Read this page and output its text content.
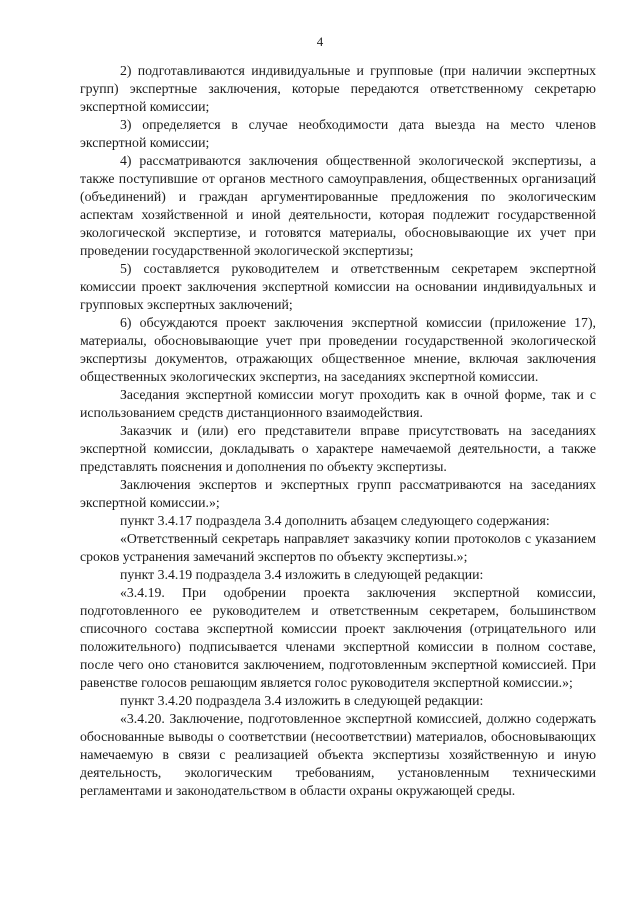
4

2) подготавливаются индивидуальные и групповые (при наличии экспертных групп) экспертные заключения, которые передаются ответственному секретарю экспертной комиссии;

3) определяется в случае необходимости дата выезда на место членов экспертной комиссии;

4) рассматриваются заключения общественной экологической экспертизы, а также поступившие от органов местного самоуправления, общественных организаций (объединений) и граждан аргументированные предложения по экологическим аспектам хозяйственной и иной деятельности, которая подлежит государственной экологической экспертизе, и готовятся материалы, обосновывающие их учет при проведении государственной экологической экспертизы;

5) составляется руководителем и ответственным секретарем экспертной комиссии проект заключения экспертной комиссии на основании индивидуальных и групповых экспертных заключений;

6) обсуждаются проект заключения экспертной комиссии (приложение 17), материалы, обосновывающие учет при проведении государственной экологической экспертизы документов, отражающих общественное мнение, включая заключения общественных экологических экспертиз, на заседаниях экспертной комиссии.

Заседания экспертной комиссии могут проходить как в очной форме, так и с использованием средств дистанционного взаимодействия.

Заказчик и (или) его представители вправе присутствовать на заседаниях экспертной комиссии, докладывать о характере намечаемой деятельности, а также представлять пояснения и дополнения по объекту экспертизы.

Заключения экспертов и экспертных групп рассматриваются на заседаниях экспертной комиссии.»;

пункт 3.4.17 подраздела 3.4 дополнить абзацем следующего содержания:

«Ответственный секретарь направляет заказчику копии протоколов с указанием сроков устранения замечаний экспертов по объекту экспертизы.»;

пункт 3.4.19 подраздела 3.4 изложить в следующей редакции:

«3.4.19. При одобрении проекта заключения экспертной комиссии, подготовленного ее руководителем и ответственным секретарем, большинством списочного состава экспертной комиссии проект заключения (отрицательного или положительного) подписывается членами экспертной комиссии в полном составе, после чего оно становится заключением, подготовленным экспертной комиссией. При равенстве голосов решающим является голос руководителя экспертной комиссии.»;

пункт 3.4.20 подраздела 3.4 изложить в следующей редакции:

«3.4.20. Заключение, подготовленное экспертной комиссией, должно содержать обоснованные выводы о соответствии (несоответствии) материалов, обосновывающих намечаемую в связи с реализацией объекта экспертизы хозяйственную и иную деятельность, экологическим требованиям, установленным техническими регламентами и законодательством в области охраны окружающей среды.
